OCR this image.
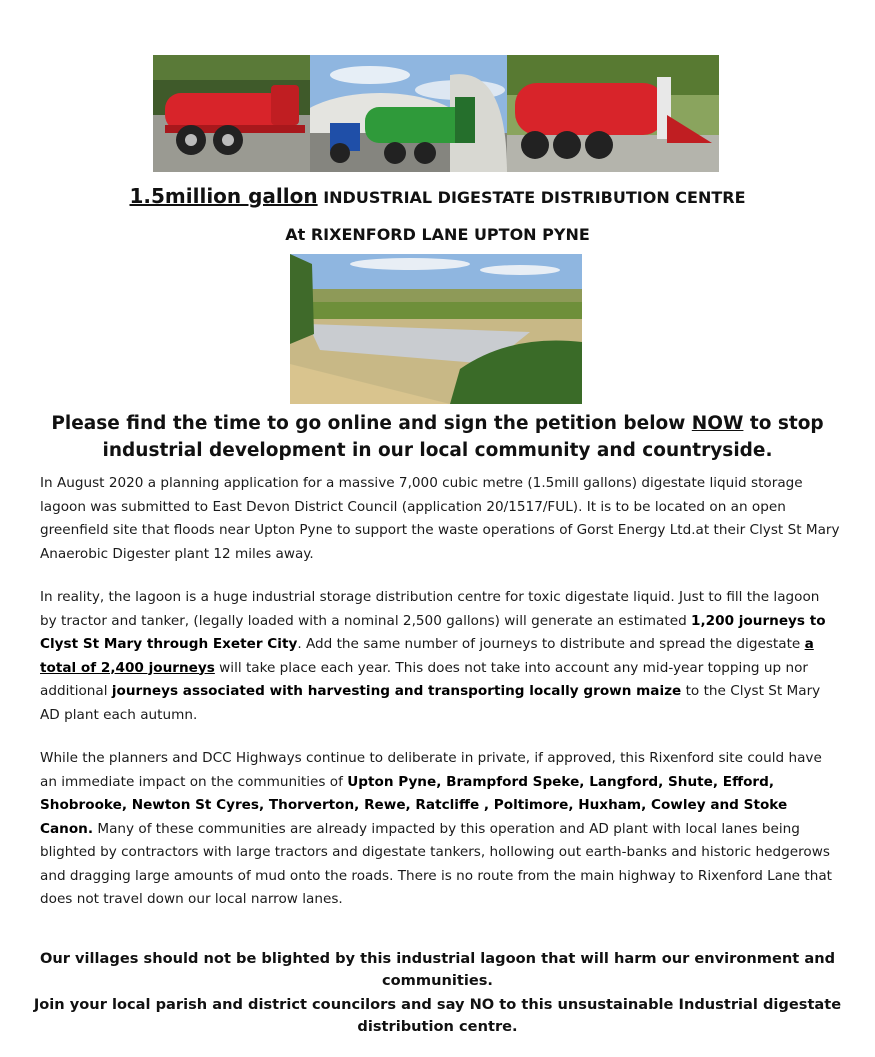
1.5million gallon INDUSTRIAL DIGESTATE DISTRIBUTION CENTRE
At RIXENFORD LANE UPTON PYNE
Please find the time to go online and sign the petition below NOW to stop industrial development in our local community and countryside.
In August 2020 a planning application for a massive 7,000 cubic metre (1.5mill gallons) digestate liquid storage lagoon was submitted to East Devon District Council (application 20/1517/FUL). It is to be located on an open greenfield site that floods near Upton Pyne to support the waste operations of Gorst Energy Ltd.at their Clyst St Mary Anaerobic Digester plant 12 miles away.
In reality, the lagoon is a huge industrial storage distribution centre for toxic digestate liquid. Just to fill the lagoon by tractor and tanker, (legally loaded with a nominal 2,500 gallons) will generate an estimated 1,200 journeys to Clyst St Mary through Exeter City. Add the same number of journeys to distribute and spread the digestate a total of 2,400 journeys will take place each year. This does not take into account any mid-year topping up nor additional journeys associated with harvesting and transporting locally grown maize to the Clyst St Mary AD plant each autumn.
While the planners and DCC Highways continue to deliberate in private, if approved, this Rixenford site could have an immediate impact on the communities of Upton Pyne, Brampford Speke, Langford, Shute, Efford, Shobrooke, Newton St Cyres, Thorverton, Rewe, Ratcliffe , Poltimore, Huxham, Cowley and Stoke Canon. Many of these communities are already impacted by this operation and AD plant with local lanes being blighted by contractors with large tractors and digestate tankers, hollowing out earth-banks and historic hedgerows and dragging large amounts of mud onto the roads. There is no route from the main highway to Rixenford Lane that does not travel down our local narrow lanes.
Our villages should not be blighted by this industrial lagoon that will harm our environment and communities.
Join your local parish and district councilors and say NO to this unsustainable Industrial digestate distribution centre.
